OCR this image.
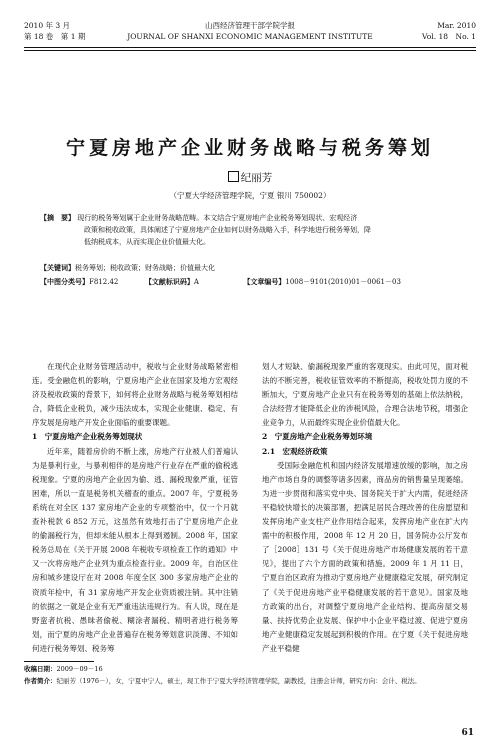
2010 年 3 月
第 18 卷　第 1 期
山西经济管理干部学院学报
JOURNAL OF SHANXI ECONOMIC MANAGEMENT INSTITUTE
Mar. 2010
Vol. 18　No. 1
宁夏房地产企业财务战略与税务筹划
纪丽芳
（宁夏大学经济管理学院，宁夏 银川 750002）
【摘　要】 现行的税务筹划属于企业财务战略范畴。本文结合宁夏房地产企业税务筹划现状、宏观经济
政策和税收政策，具体阐述了宁夏房地产企业如何以财务战略入手，科学地进行税务筹划，降
低纳税成本，从而实现企业价值最大化。
【关键词】税务筹划；税收政策；财务战略；价值最大化
【中图分类号】F812.42	【文献标识码】A	【文章编号】1008－9101(2010)01－0061－03

在现代企业财务管理活动中，税收与企业财务战略紧密相连。受金融危机的影响，宁夏房地产企业在国家及地方宏观经济及税收政策的背景下，如何将企业财务战略与税务筹划相结合，降低企业税负，减少违法成本，实现企业健康、稳定、有序发展是房地产开发企业面临的重要课题。

1　宁夏房地产企业税务筹划现状

近年来，随着房价的不断上涨，房地产行业被人们普遍认为是暴利行业，与暴利相伴的是房地产行业存在严重的偷税逃税现象。宁夏的房地产企业因为偷、逃、漏税现象严重，征管困难，所以一直是税务机关稽查的重点。2007 年，宁夏税务系统在对全区 137 家房地产企业的专项整治中，仅一个月就查补税款 6 852 万元，这虽然有效地打击了宁夏房地产企业的偷漏税行为，但却未能从根本上得到遏制。2008 年，国家税务总局在《关于开展 2008 年税收专项检查工作的通知》中又一次将房地产企业列为重点检查行业。2009 年，自治区住房和城乡建设厅在对 2008 年度全区 300 多家房地产企业的资质年检中，有 31 家房地产开发企业资质被注销。其中注销的依据之一就是企业有无严重违法违规行为。有人说，现在是野蛮者抗税、愚昧者偷税、糊涂者漏税、精明者进行税务筹划，而宁夏的房地产企业普遍存在税务筹划意识淡薄、不知如何进行税务筹划、税务筹

划人才短缺、偷漏税现象严重的客观现实。由此可见，面对税法的不断完善，税收征管效率的不断提高，税收处罚力度的不断加大，宁夏房地产企业只有在税务筹划的基础上依法纳税，合法经营才能降低企业的涉税风险，合理合法地节税，增强企业竞争力，从而最终实现企业价值最大化。

2　宁夏房地产企业税务筹划环境

2.1　宏观经济政策

受国际金融危机和国内经济发展增速放缓的影响，加之房地产市场自身的调整等诸多因素，商品房的销售量呈现萎缩。为进一步贯彻和落实党中央、国务院关于扩大内需，促进经济平稳较快增长的决策部署，把满足居民合理改善的住房愿望和发挥房地产业支柱产业作用结合起来，发挥房地产业在扩大内需中的积极作用，2008 年 12 月 20 日，国务院办公厅发布了［2008］131 号《关于促进房地产市场健康发展的若干意见》，提出了六个方面的政策和措施。2009 年 1 月 11 日，宁夏自治区政府为推动宁夏房地产业健康稳定发展，研究制定了《关于促进房地产业平稳健康发展的若干意见》。国家及地方政策的出台，对调整宁夏房地产企业结构、提高房屋交易量、扶持优势企业发展、保护中小企业平稳过渡、促进宁夏房地产业健康稳定发展起到积极的作用。在宁夏《关于促进房地产业平稳健

收稿日期：2009－09－16
作者简介：纪丽芳（1976－），女，宁夏中宁人，硕士，现工作于宁夏大学经济管理学院，副教授，注册会计师，研究方向：会计、税法。
61
